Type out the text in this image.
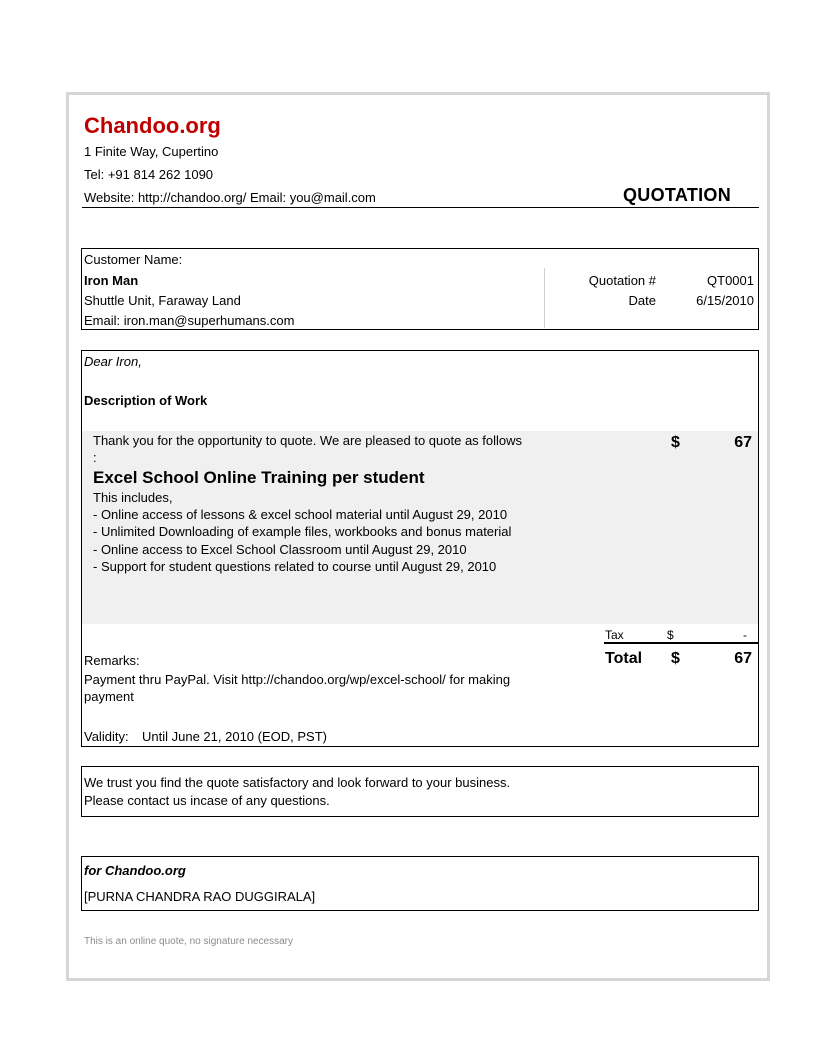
Chandoo.org
1 Finite Way, Cupertino
Tel: +91 814 262 1090
Website: http://chandoo.org/ Email: you@mail.com	QUOTATION
Customer Name:
Iron Man
Shuttle Unit, Faraway Land
Email: iron.man@superhumans.com
Quotation #	QT0001
Date	6/15/2010
Dear Iron,
Description of Work
Thank you for the opportunity to quote. We are pleased to quote as follows
:
Excel School Online Training per student
This includes,
- Online access of lessons & excel school material until August 29, 2010
- Unlimited Downloading of example files, workbooks and bonus material
- Online access to Excel School Classroom until August 29, 2010
- Support for student questions related to course until August 29, 2010
$	67
Tax	$	-
Total $	67
Remarks:
Payment thru PayPal. Visit http://chandoo.org/wp/excel-school/ for making
payment
Validity: Until June 21, 2010 (EOD, PST)
We trust you find the quote satisfactory and look forward to your business.
Please contact us incase of any questions.
for Chandoo.org
[PURNA CHANDRA RAO DUGGIRALA]
This is an online quote, no signature necessary
